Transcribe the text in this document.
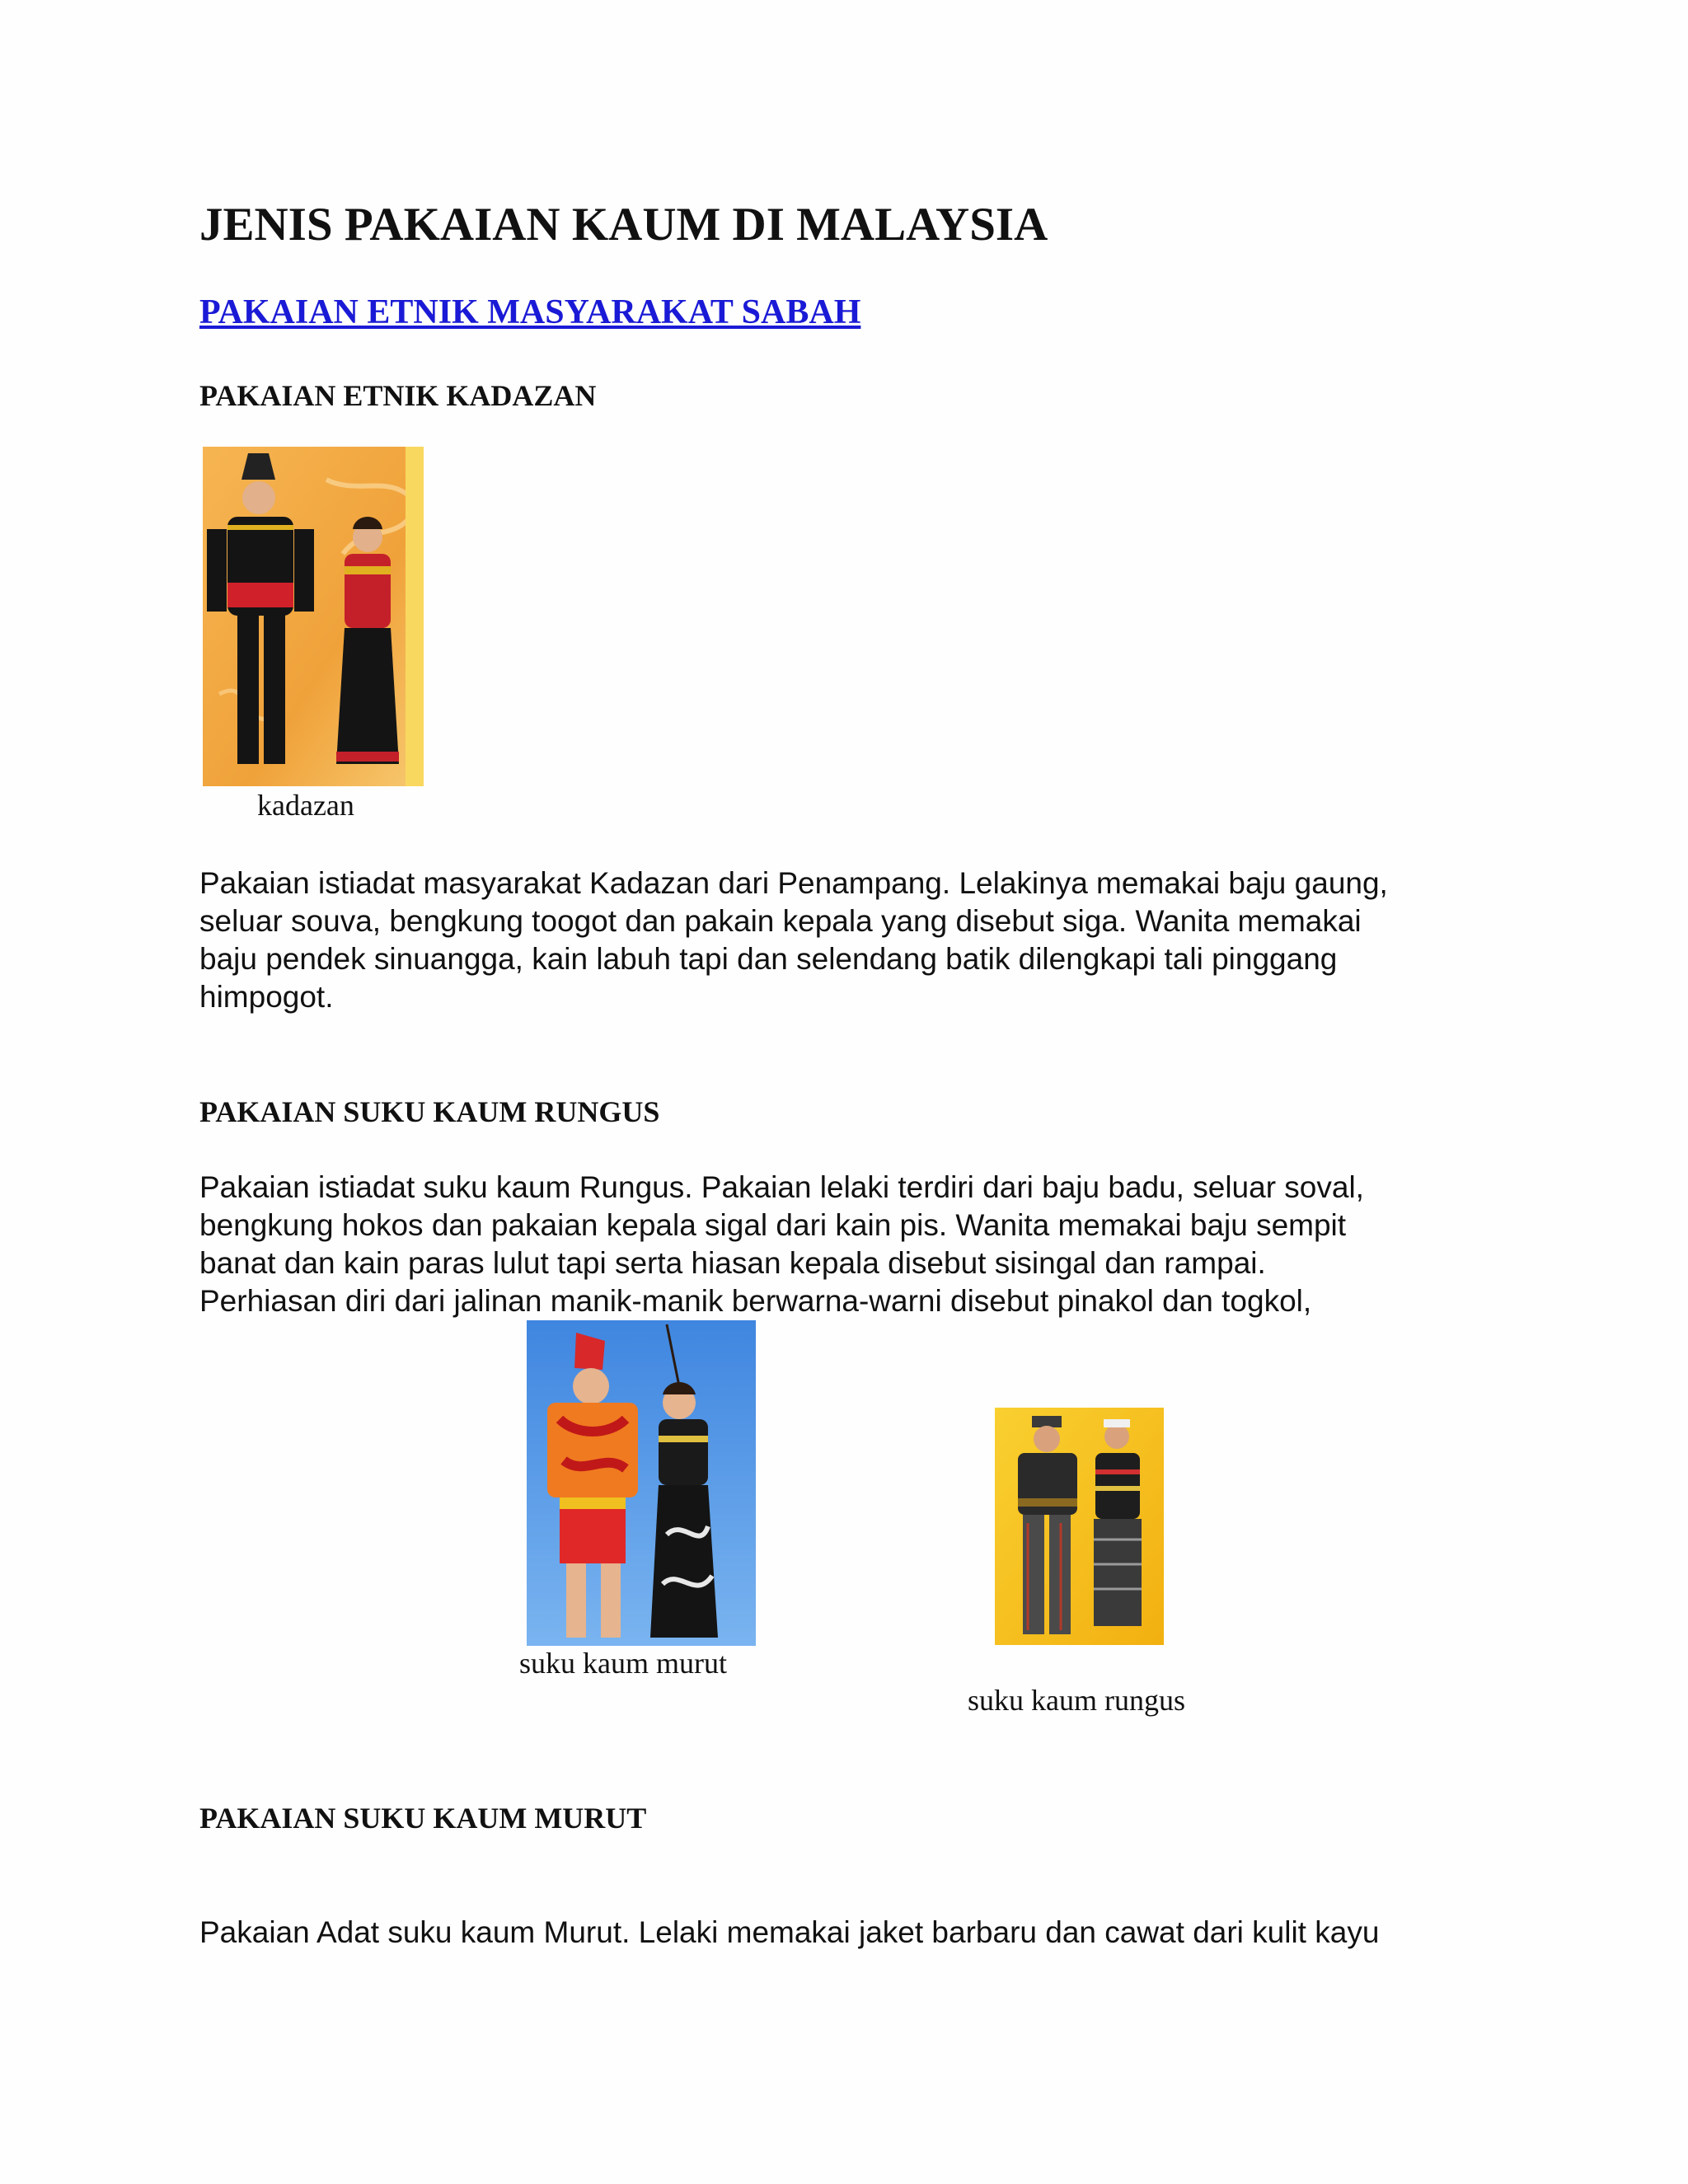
JENIS PAKAIAN KAUM DI MALAYSIA
PAKAIAN ETNIK MASYARAKAT SABAH
PAKAIAN ETNIK KADAZAN
kadazan

Pakaian istiadat masyarakat Kadazan dari Penampang. Lelakinya memakai baju gaung,
seluar souva, bengkung toogot dan pakain kepala yang disebut siga. Wanita memakai
baju pendek sinuangga, kain labuh tapi dan selendang batik dilengkapi tali pinggang
himpogot.

PAKAIAN SUKU KAUM RUNGUS

Pakaian istiadat suku kaum Rungus. Pakaian lelaki terdiri dari baju badu, seluar soval,
bengkung hokos dan pakaian kepala sigal dari kain pis. Wanita memakai baju sempit
banat dan kain paras lulut tapi serta hiasan kepala disebut sisingal dan rampai.
Perhiasan diri dari jalinan manik-manik berwarna-warni disebut pinakol dan togkol,

suku kaum murut
suku kaum rungus
PAKAIAN SUKU KAUM MURUT

Pakaian Adat suku kaum Murut. Lelaki memakai jaket barbaru dan cawat dari kulit kayu
